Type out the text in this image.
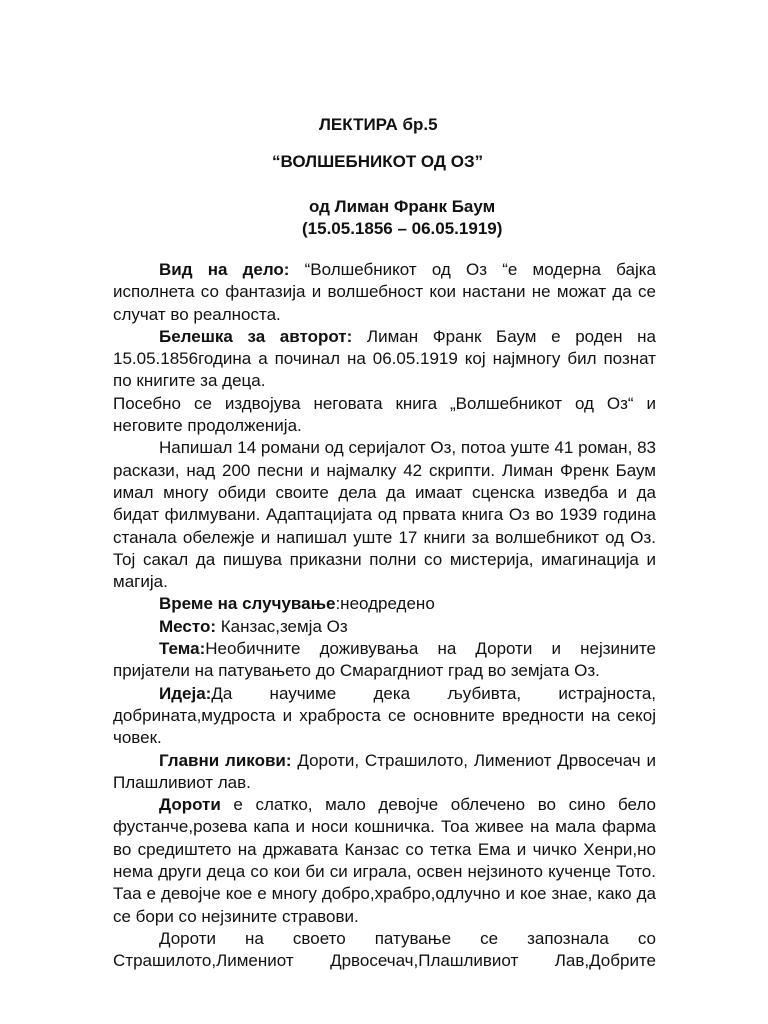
ЛЕКТИРА бр.5
“ВОЛШЕБНИКОТ ОД ОЗ”
од Лиман Франк Баум
(15.05.1856 – 06.05.1919)

Вид на дело: “Волшебникот од Оз “е модерна бајка исполнета со фантазија и волшебност кои настани не можат да се случат во реалноста.

Белешка за авторот: Лиман Франк Баум е роден на 15.05.1856година а починал на 06.05.1919 кој најмногу бил познат по книгите за деца.

Посебно се издвојува неговата книга „Волшебникот од Оз“ и неговите продолженија.

Напишал 14 романи од серијалот Оз, потоа уште 41 роман, 83 раскази, над 200 песни и најмалку 42 скрипти. Лиман Френк Баум имал многу обиди своите дела да имаат сценска изведба и да бидат филмувани. Адаптацијата од првата книга Оз во 1939 година станала обележје и напишал уште 17 книги за волшебникот од Оз. Тој сакал да пишува приказни полни со мистерија, имагинација и магија.

Време на случување:неодредено

Место: Канзас,земја Оз

Тема:Необичните доживувања на Дороти и нејзините пријатели на патувањето до Смарагдниот град во земјата Оз.

Идеја:Да научиме дека љубивта, истрајноста, добрината,мудроста и храброста се основните вредности на секој човек.

Главни ликови: Дороти, Страшилото, Лимениот Дрвосечач и Плашливиот лав.

Дороти е слатко, мало девојче облечено во сино бело фустанче,розева капа и носи кошничка. Тоа живее на мала фарма во средиштето на државата Канзас со тетка Ема и чичко Хенри,но нема други деца со кои би си играла, освен нејзиното кученце Тото. Таа е девојче кое е многу добро,храбро,одлучно и кое знае, како да се бори со нејзините стравови.

Дороти на своето патување се запознала со Страшилото,Лимениот Дрвосечач,Плашливиот Лав,Добрите
